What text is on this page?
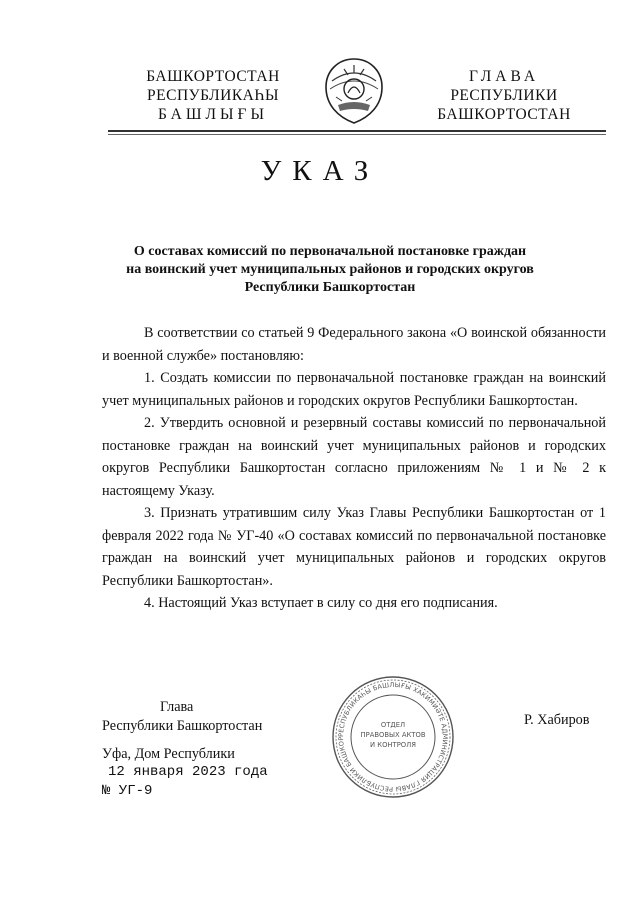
БАШКОРТОСТАН
РЕСПУБЛИКАҺЫ
БАШЛЫҒЫ
ГЛАВА
РЕСПУБЛИКИ
БАШКОРТОСТАН
УКАЗ
О составах комиссий по первоначальной постановке граждан
на воинский учет муниципальных районов и городских округов
Республики Башкортостан

В соответствии со статьей 9 Федерального закона «О воинской обязанности и военной службе» постановляю:

1. Создать комиссии по первоначальной постановке граждан на воинский учет муниципальных районов и городских округов Республики Башкортостан.

2. Утвердить основной и резервный составы комиссий по первоначальной постановке граждан на воинский учет муниципальных районов и городских округов Республики Башкортостан согласно приложениям № 1 и № 2 к настоящему Указу.

3. Признать утратившим силу Указ Главы Республики Башкортостан от 1 февраля 2022 года № УГ-40 «О составах комиссий по первоначальной постановке граждан на воинский учет муниципальных районов и городских округов Республики Башкортостан».

4. Настоящий Указ вступает в силу со дня его подписания.

Глава
Республики Башкортостан	Р. Хабиров
РЕСПУБЛИКАҺЫ БАШЛЫҒЫ ХАКИМИӘТЕ АДМИНИСТРАЦИЯ ГЛАВЫ РЕСПУБЛИКИ БАШКОР
ОТДЕЛ
ПРАВОВЫХ АКТОВ
И КОНТРОЛЯ
Уфа, Дом Республики
12 января 2023 года
№ УГ-9
